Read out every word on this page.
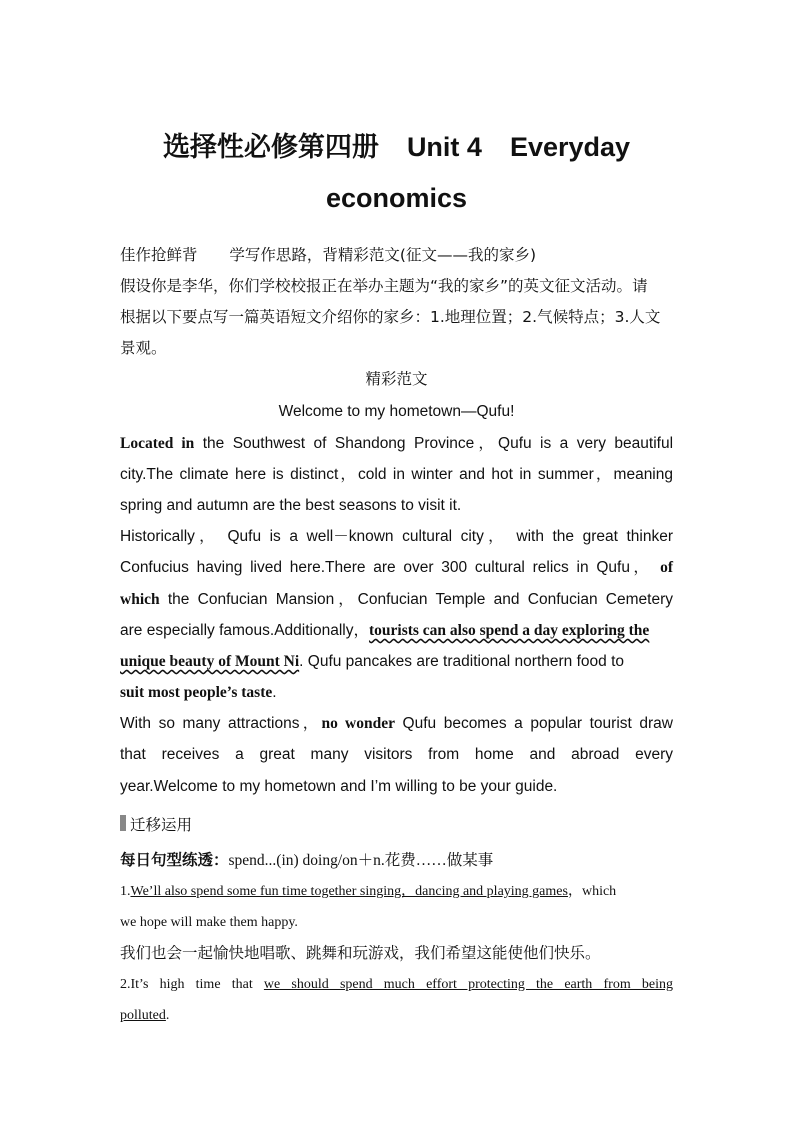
选择性必修第四册 Unit 4 Everyday
economics
佳作抢鲜背 学写作思路，背精彩范文(征文——我的家乡)
假设你是李华，你们学校校报正在举办主题为“我的家乡”的英文征文活动。请
根据以下要点写一篇英语短文介绍你的家乡：1.地理位置；2.气候特点；3.人文
景观。
精彩范文
Welcome to my hometown—Qufu!
Located in the Southwest of Shandong Province，Qufu is a very beautiful
city.The climate here is distinct，cold in winter and hot in summer，meaning
spring and autumn are the best seasons to visit it.
Historically， Qufu is a well－known cultural city， with the great thinker
Confucius having lived here.There are over 300 cultural relics in Qufu， of
which the Confucian Mansion，Confucian Temple and Confucian Cemetery
are especially famous.Additionally，tourists can also spend a day exploring the
unique beauty of Mount Ni. Qufu pancakes are traditional northern food to
suit most people’s taste.
With so many attractions，no wonder Qufu becomes a popular tourist draw
that receives a great many visitors from home and abroad every
year.Welcome to my hometown and I’m willing to be your guide.
迁移运用
每日句型练透：spend...(in) doing/on＋n.花费……做某事
1.We’ll also spend some fun time together singing，dancing and playing games，which
we hope will make them happy.
我们也会一起愉快地唱歌、跳舞和玩游戏，我们希望这能使他们快乐。
2.It’s high time that we should spend much effort protecting the earth from being
polluted.
